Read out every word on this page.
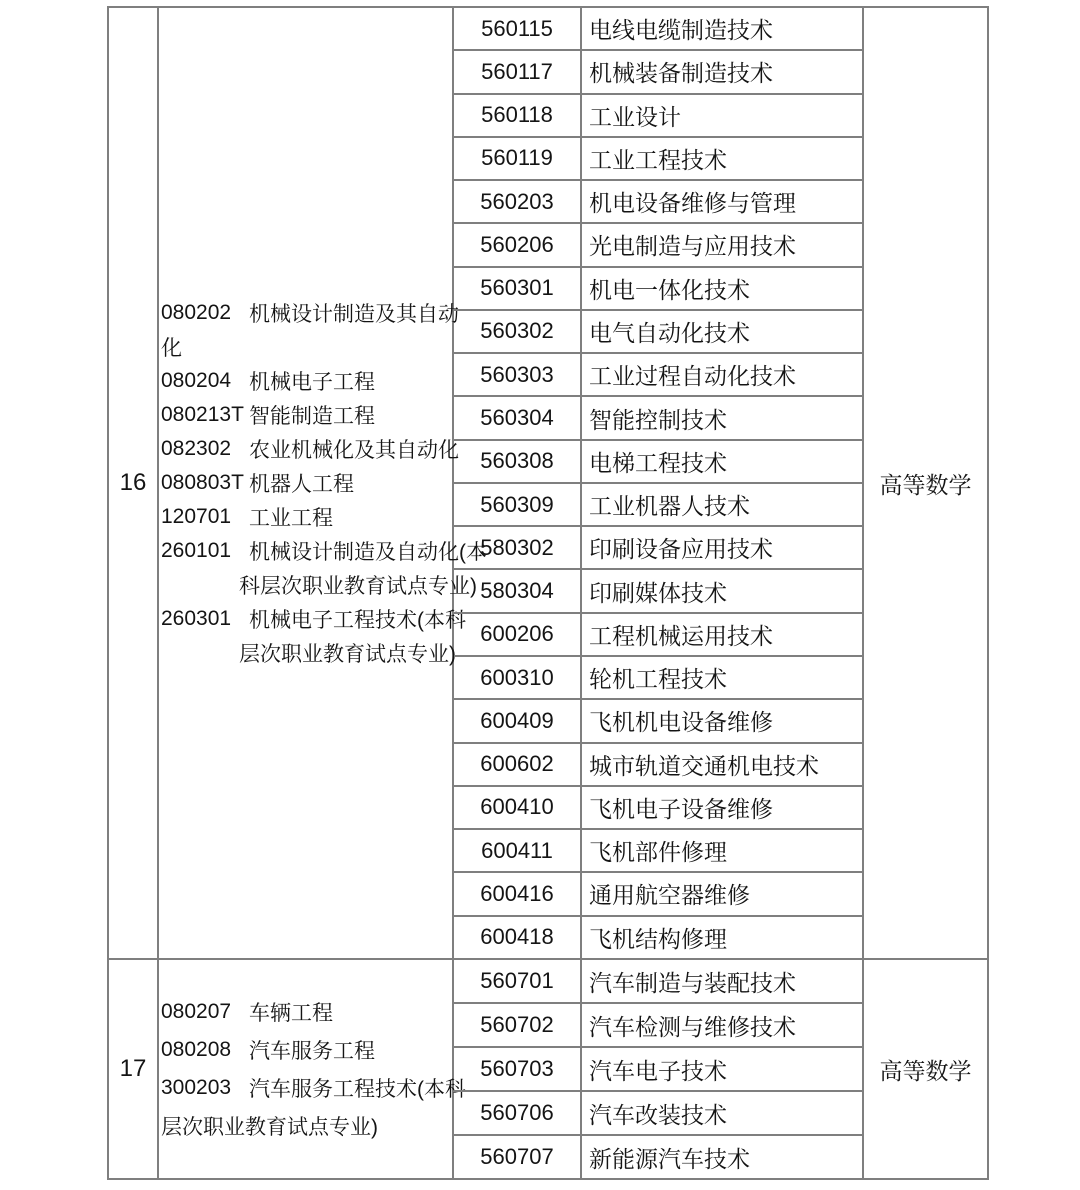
16
080202 机械设计制造及其自动
化
080204 机械电子工程
080213T 智能制造工程
082302 农业机械化及其自动化
080803T 机器人工程
120701 工业工程
260101 机械设计制造及自动化(本
科层次职业教育试点专业)
260301 机械电子工程技术(本科
层次职业教育试点专业)
560115	电线电缆制造技术
560117	机械装备制造技术
560118	工业设计
560119	工业工程技术
560203	机电设备维修与管理
560206	光电制造与应用技术
560301	机电一体化技术
560302	电气自动化技术
560303	工业过程自动化技术
560304	智能控制技术
560308	电梯工程技术
560309	工业机器人技术
580302	印刷设备应用技术
580304	印刷媒体技术
600206	工程机械运用技术
600310	轮机工程技术
600409	飞机机电设备维修
600602	城市轨道交通机电技术
600410	飞机电子设备维修
600411	飞机部件修理
600416	通用航空器维修
600418	飞机结构修理
高等数学
17
080207 车辆工程
080208 汽车服务工程
300203 汽车服务工程技术(本科
层次职业教育试点专业)
560701	汽车制造与装配技术
560702	汽车检测与维修技术
560703	汽车电子技术
560706	汽车改装技术
560707	新能源汽车技术
高等数学
